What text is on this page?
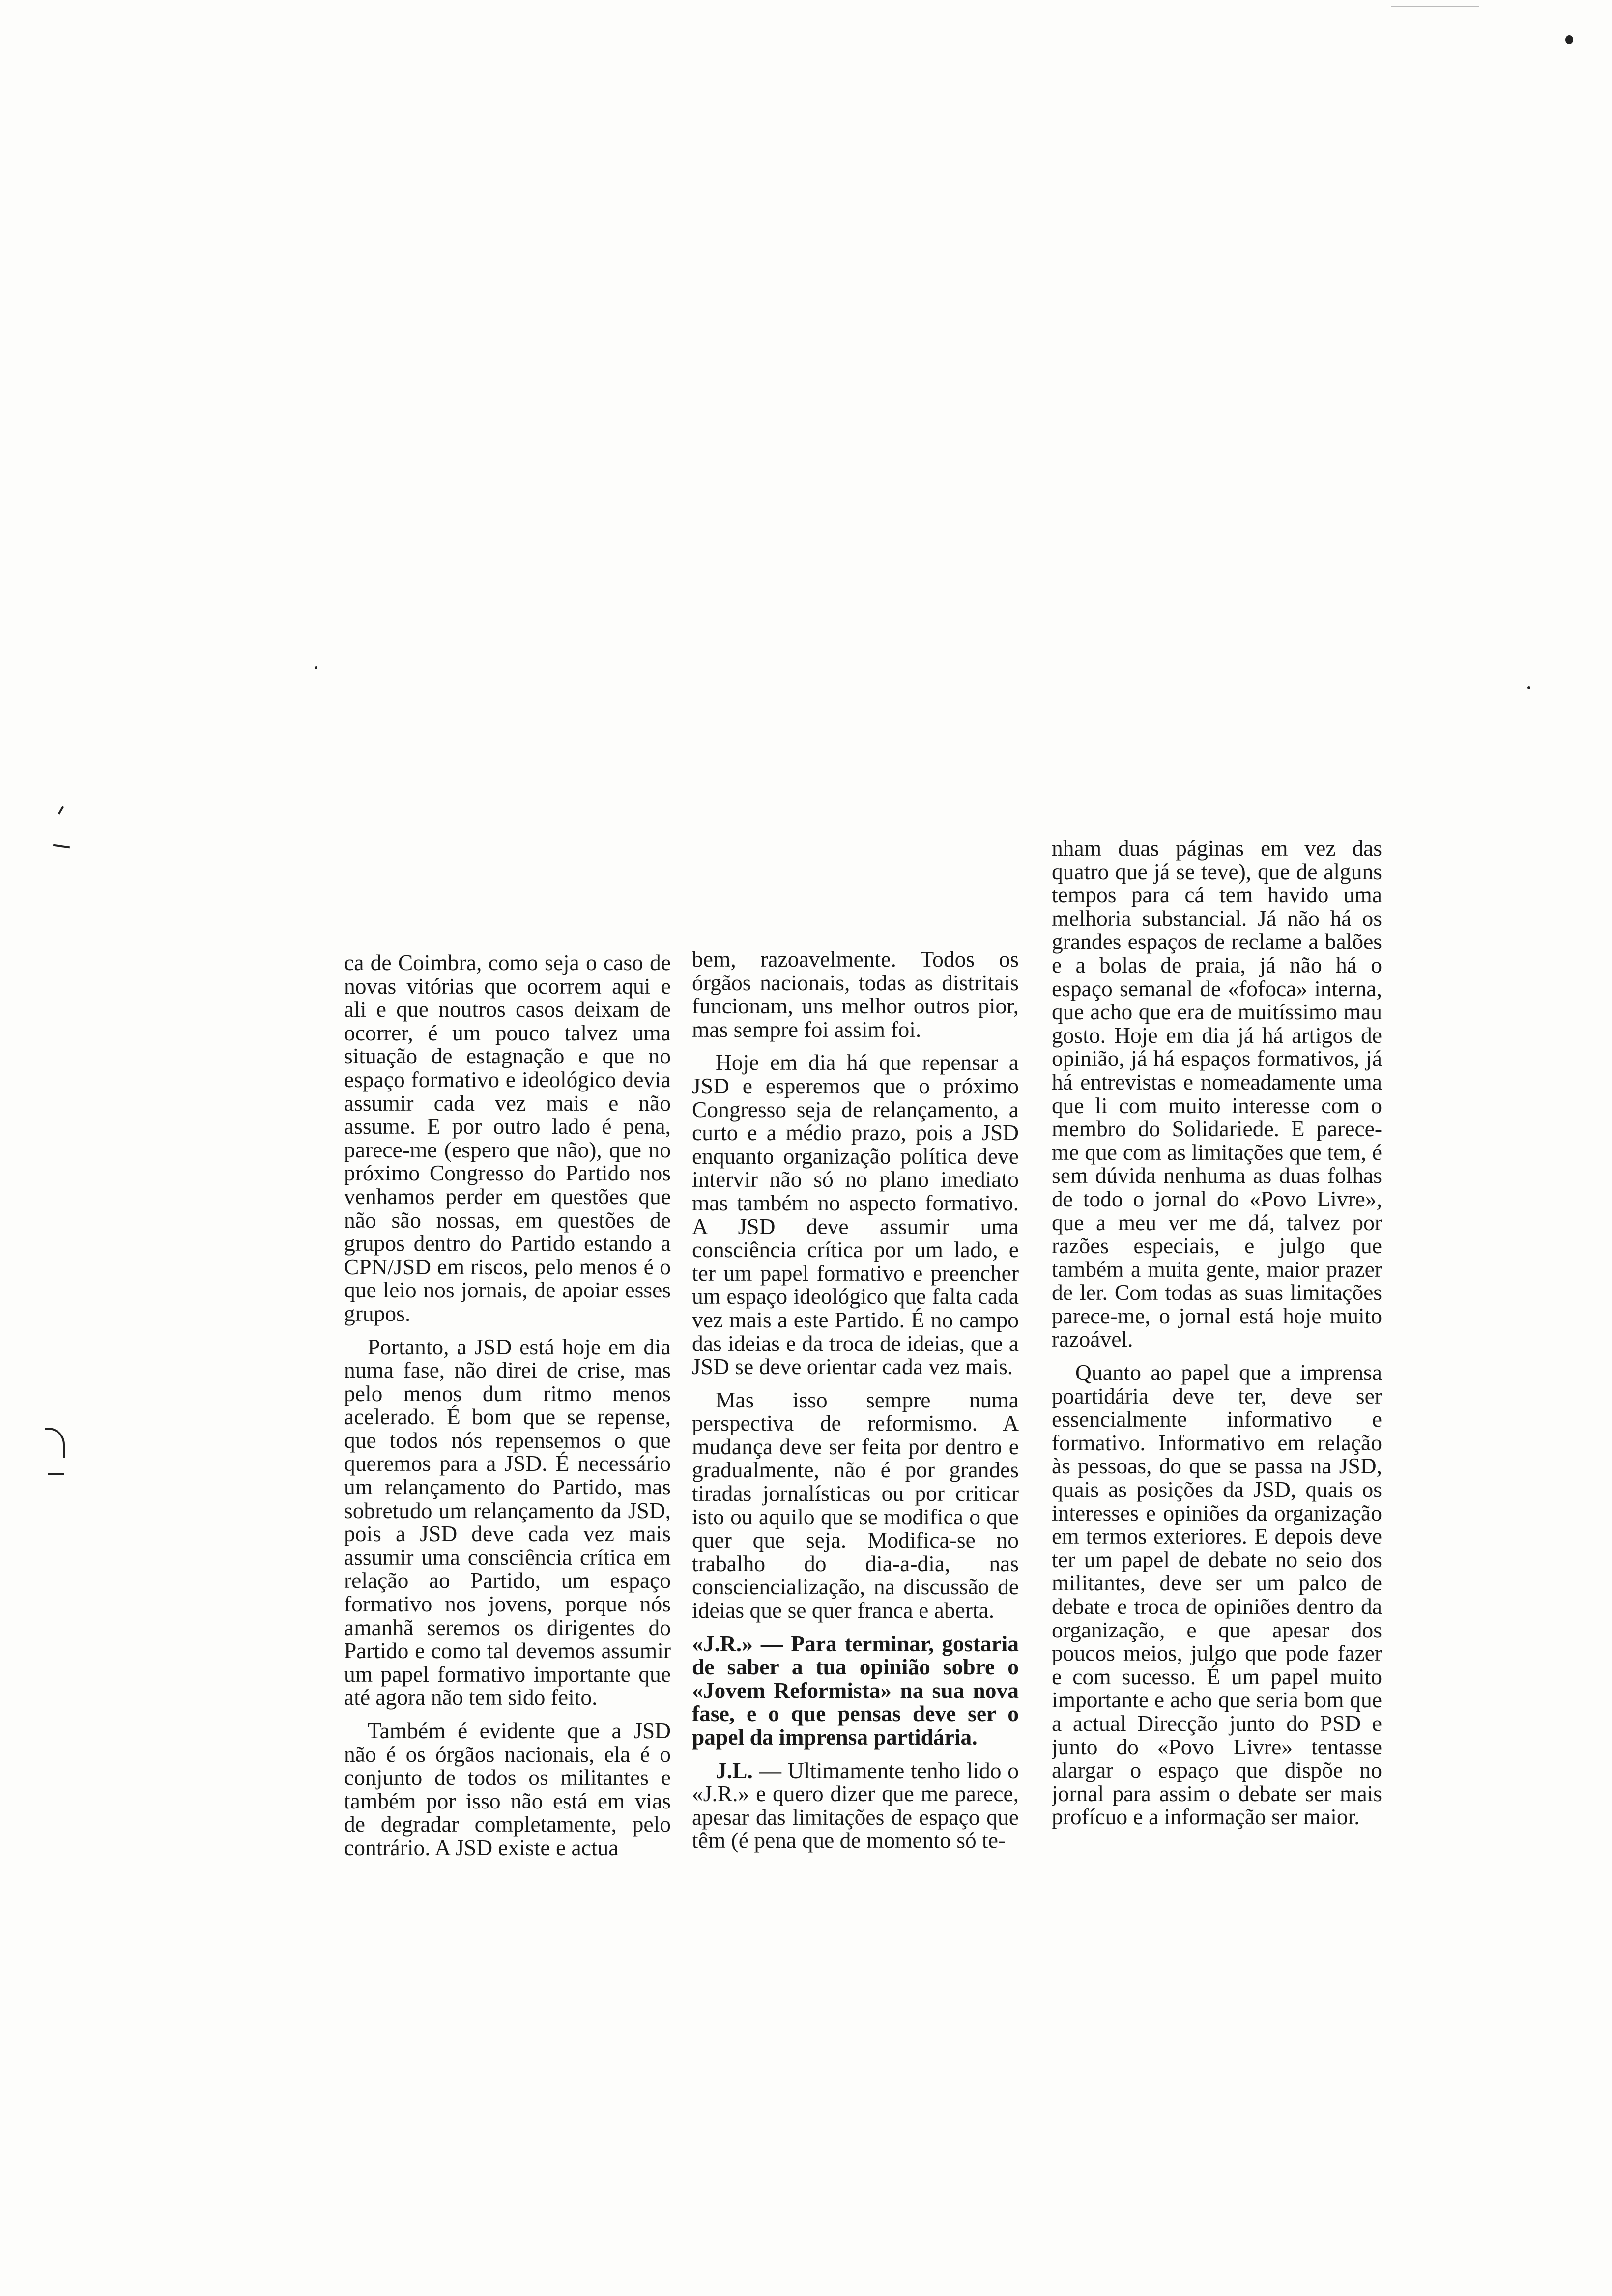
ca de Coimbra, como seja o caso de novas vitórias que ocorrem aqui e ali e que noutros casos deixam de ocorrer, é um pouco talvez uma situação de estagnação e que no espaço formativo e ideológico devia assumir cada vez mais e não assume. E por outro lado é pena, parece-me (espero que não), que no próximo Congresso do Partido nos venhamos perder em questões que não são nossas, em questões de grupos dentro do Partido estando a CPN/JSD em riscos, pelo menos é o que leio nos jornais, de apoiar esses grupos.

Portanto, a JSD está hoje em dia numa fase, não direi de crise, mas pelo menos dum ritmo menos acelerado. É bom que se repense, que todos nós repensemos o que queremos para a JSD. É necessário um relançamento do Partido, mas sobretudo um relançamento da JSD, pois a JSD deve cada vez mais assumir uma consciência crítica em relação ao Partido, um espaço formativo nos jovens, porque nós amanhã seremos os dirigentes do Partido e como tal devemos assumir um papel formativo importante que até agora não tem sido feito.

Também é evidente que a JSD não é os órgãos nacionais, ela é o conjunto de todos os militantes e também por isso não está em vias de degradar completamente, pelo contrário. A JSD existe e actua

bem, razoavelmente. Todos os órgãos nacionais, todas as distritais funcionam, uns melhor outros pior, mas sempre foi assim foi.

Hoje em dia há que repensar a JSD e esperemos que o próximo Congresso seja de relançamento, a curto e a médio prazo, pois a JSD enquanto organização política deve intervir não só no plano imediato mas também no aspecto formativo. A JSD deve assumir uma consciência crítica por um lado, e ter um papel formativo e preencher um espaço ideológico que falta cada vez mais a este Partido. É no campo das ideias e da troca de ideias, que a JSD se deve orientar cada vez mais.

Mas isso sempre numa perspectiva de reformismo. A mudança deve ser feita por dentro e gradualmente, não é por grandes tiradas jornalísticas ou por criticar isto ou aquilo que se modifica o que quer que seja. Modifica-se no trabalho do dia-a-dia, nas consciencialização, na discussão de ideias que se quer franca e aberta.

«J.R.» — Para terminar, gostaria de saber a tua opinião sobre o «Jovem Reformista» na sua nova fase, e o que pensas deve ser o papel da imprensa partidária.

J.L. — Ultimamente tenho lido o «J.R.» e quero dizer que me parece, apesar das limitações de espaço que têm (é pena que de momento só te-

nham duas páginas em vez das quatro que já se teve), que de alguns tempos para cá tem havido uma melhoria substancial. Já não há os grandes espaços de reclame a balões e a bolas de praia, já não há o espaço semanal de «fofoca» interna, que acho que era de muitíssimo mau gosto. Hoje em dia já há artigos de opinião, já há espaços formativos, já há entrevistas e nomeadamente uma que li com muito interesse com o membro do Solidariede. E parece-me que com as limitações que tem, é sem dúvida nenhuma as duas folhas de todo o jornal do «Povo Livre», que a meu ver me dá, talvez por razões especiais, e julgo que também a muita gente, maior prazer de ler. Com todas as suas limitações parece-me, o jornal está hoje muito razoável.

Quanto ao papel que a imprensa poartidária deve ter, deve ser essencialmente informativo e formativo. Informativo em relação às pessoas, do que se passa na JSD, quais as posições da JSD, quais os interesses e opiniões da organização em termos exteriores. E depois deve ter um papel de debate no seio dos militantes, deve ser um palco de debate e troca de opiniões dentro da organização, e que apesar dos poucos meios, julgo que pode fazer e com sucesso. É um papel muito importante e acho que seria bom que a actual Direcção junto do PSD e junto do «Povo Livre» tentasse alargar o espaço que dispõe no jornal para assim o debate ser mais profícuo e a informação ser maior.
